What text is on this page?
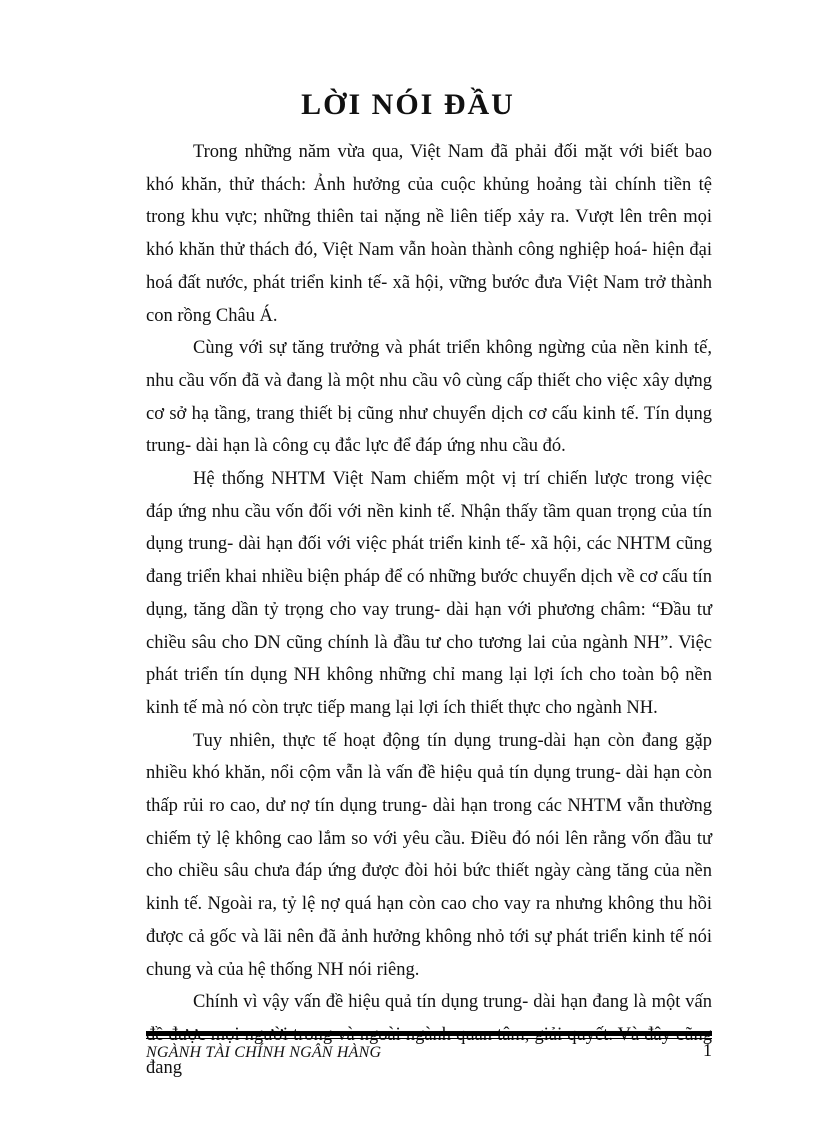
LỜI NÓI ĐẦU

Trong những năm vừa qua, Việt Nam đã phải đối mặt với biết bao khó khăn, thử thách: Ảnh hưởng của cuộc khủng hoảng tài chính tiền tệ trong khu vực; những thiên tai nặng nề liên tiếp xảy ra. Vượt lên trên mọi khó khăn thử thách đó, Việt Nam vẫn hoàn thành công nghiệp hoá- hiện đại hoá đất nước, phát triển kinh tế- xã hội, vững bước đưa Việt Nam trở thành con rồng Châu Á.

Cùng với sự tăng trưởng và phát triển không ngừng của nền kinh tế, nhu cầu vốn đã và đang là một nhu cầu vô cùng cấp thiết cho việc xây dựng cơ sở hạ tầng, trang thiết bị cũng như chuyển dịch cơ cấu kinh tế. Tín dụng trung- dài hạn là công cụ đắc lực để đáp ứng nhu cầu đó.

Hệ thống NHTM Việt Nam chiếm một vị trí chiến lược trong việc đáp ứng nhu cầu vốn đối với nền kinh tế. Nhận thấy tầm quan trọng của tín dụng trung- dài hạn đối với việc phát triển kinh tế- xã hội, các NHTM cũng đang triển khai nhiều biện pháp để có những bước chuyển dịch về cơ cấu tín dụng, tăng dần tỷ trọng cho vay trung- dài hạn với phương châm: “Đầu tư chiều sâu cho DN cũng chính là đầu tư cho tương lai của ngành NH”. Việc phát triển tín dụng NH không những chỉ mang lại lợi ích cho toàn bộ nền kinh tế mà nó còn trực tiếp mang lại lợi ích thiết thực cho ngành NH.

Tuy nhiên, thực tế hoạt động tín dụng trung-dài hạn còn đang gặp nhiều khó khăn, nổi cộm vẫn là vấn đề hiệu quả tín dụng trung- dài hạn còn thấp rủi ro cao, dư nợ tín dụng trung- dài hạn trong các NHTM vẫn thường chiếm tỷ lệ không cao lắm so với yêu cầu. Điều đó nói lên rằng vốn đầu tư cho chiều sâu chưa đáp ứng được đòi hỏi bức thiết ngày càng tăng của nền kinh tế. Ngoài ra, tỷ lệ nợ quá hạn còn cao cho vay ra nhưng không thu hồi được cả gốc và lãi nên đã ảnh hưởng không nhỏ tới sự phát triển kinh tế nói chung và của hệ thống NH nói riêng.

Chính vì vậy vấn đề hiệu quả tín dụng trung- dài hạn đang là một vấn đang

NGÀNH TÀI CHÍNH NGÂN HÀNG	1
